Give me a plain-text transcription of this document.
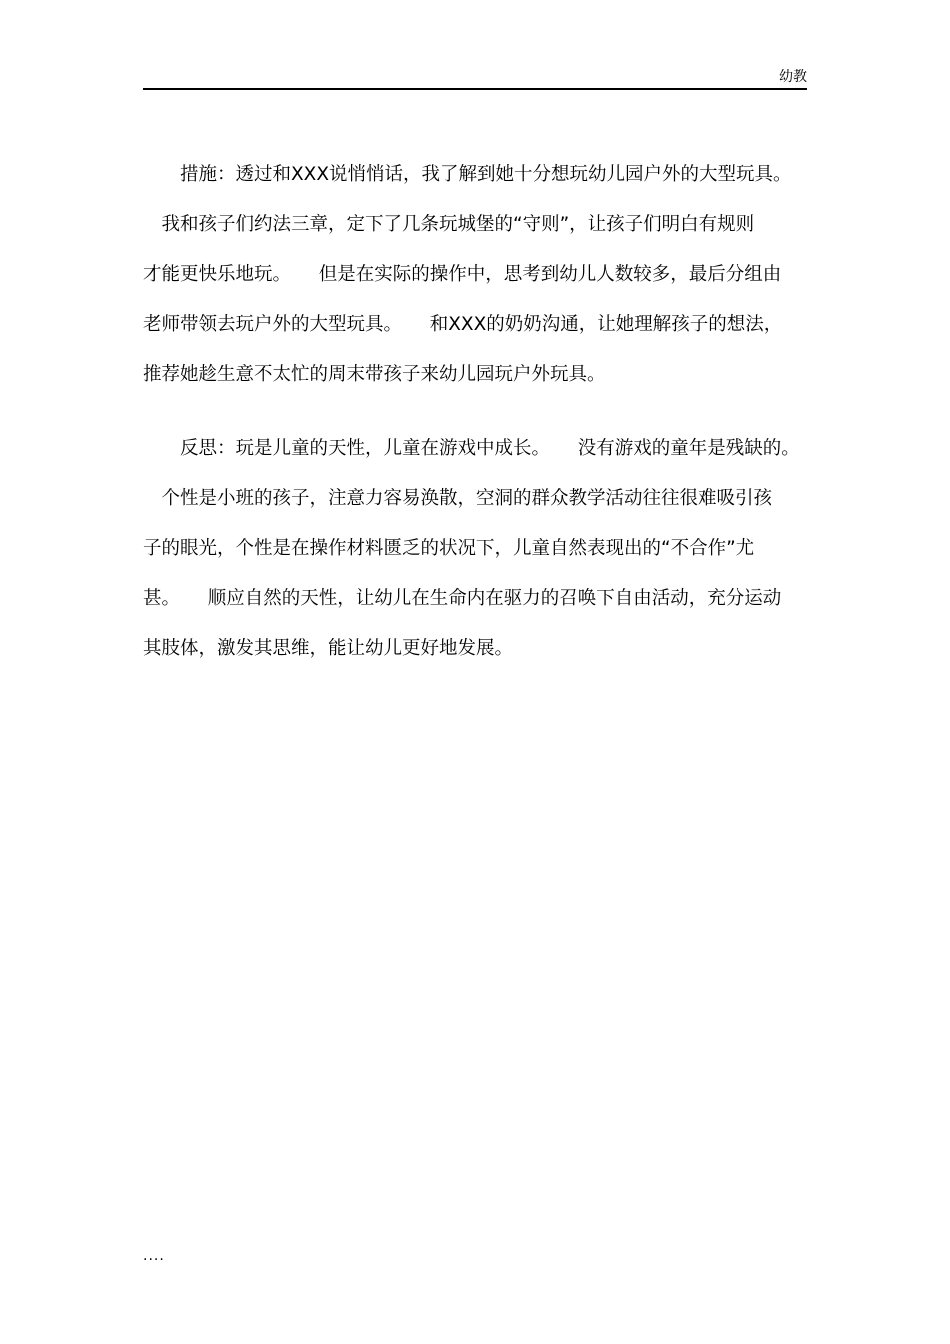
幼教
　　措施：透过和XXX说悄悄话，我了解到她十分想玩幼儿园户外的大型玩具。
　我和孩子们约法三章，定下了几条玩城堡的“守则”，让孩子们明白有规则
才能更快乐地玩。　　但是在实际的操作中，思考到幼儿人数较多，最后分组由
老师带领去玩户外的大型玩具。　　和XXX的奶奶沟通，让她理解孩子的想法，
推荐她趁生意不太忙的周末带孩子来幼儿园玩户外玩具。
　　反思：玩是儿童的天性，儿童在游戏中成长。　　没有游戏的童年是残缺的。
　个性是小班的孩子，注意力容易涣散，空洞的群众教学活动往往很难吸引孩
子的眼光，个性是在操作材料匮乏的状况下，儿童自然表现出的“不合作”尤
甚。　　顺应自然的天性，让幼儿在生命内在驱力的召唤下自由活动，充分运动
其肢体，激发其思维，能让幼儿更好地发展。
....
